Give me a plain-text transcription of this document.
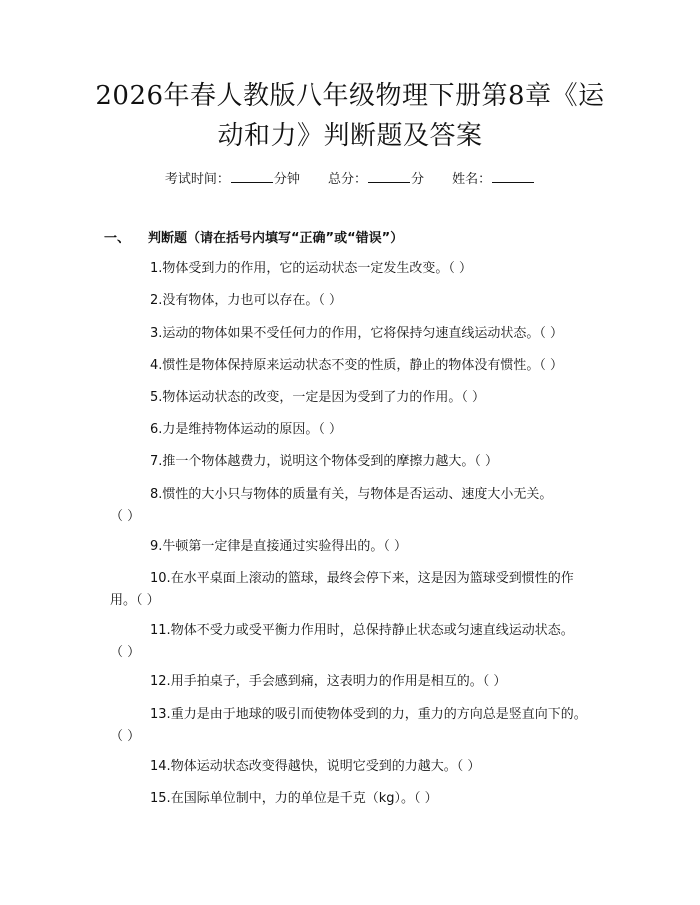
2026年春人教版八年级物理下册第8章《运
动和力》判断题及答案
考试时间：	分钟 总分：	分 姓名：
一、 判断题（请在括号内填写“正确”或“错误”）

1.物体受到力的作用，它的运动状态一定发生改变。（ ）

2.没有物体，力也可以存在。（ ）

3.运动的物体如果不受任何力的作用，它将保持匀速直线运动状态。（ ）

4.惯性是物体保持原来运动状态不变的性质，静止的物体没有惯性。（ ）

5.物体运动状态的改变，一定是因为受到了力的作用。（ ）

6.力是维持物体运动的原因。（ ）

7.推一个物体越费力，说明这个物体受到的摩擦力越大。（ ）

8.惯性的大小只与物体的质量有关，与物体是否运动、速度大小无关。
（ ）

9.牛顿第一定律是直接通过实验得出的。（ ）

10.在水平桌面上滚动的篮球，最终会停下来，这是因为篮球受到惯性的作
用。（ ）

11.物体不受力或受平衡力作用时，总保持静止状态或匀速直线运动状态。
（ ）

12.用手拍桌子，手会感到痛，这表明力的作用是相互的。（ ）

13.重力是由于地球的吸引而使物体受到的力，重力的方向总是竖直向下的。
（ ）

14.物体运动状态改变得越快，说明它受到的力越大。（ ）

15.在国际单位制中，力的单位是千克（kg）。（ ）
